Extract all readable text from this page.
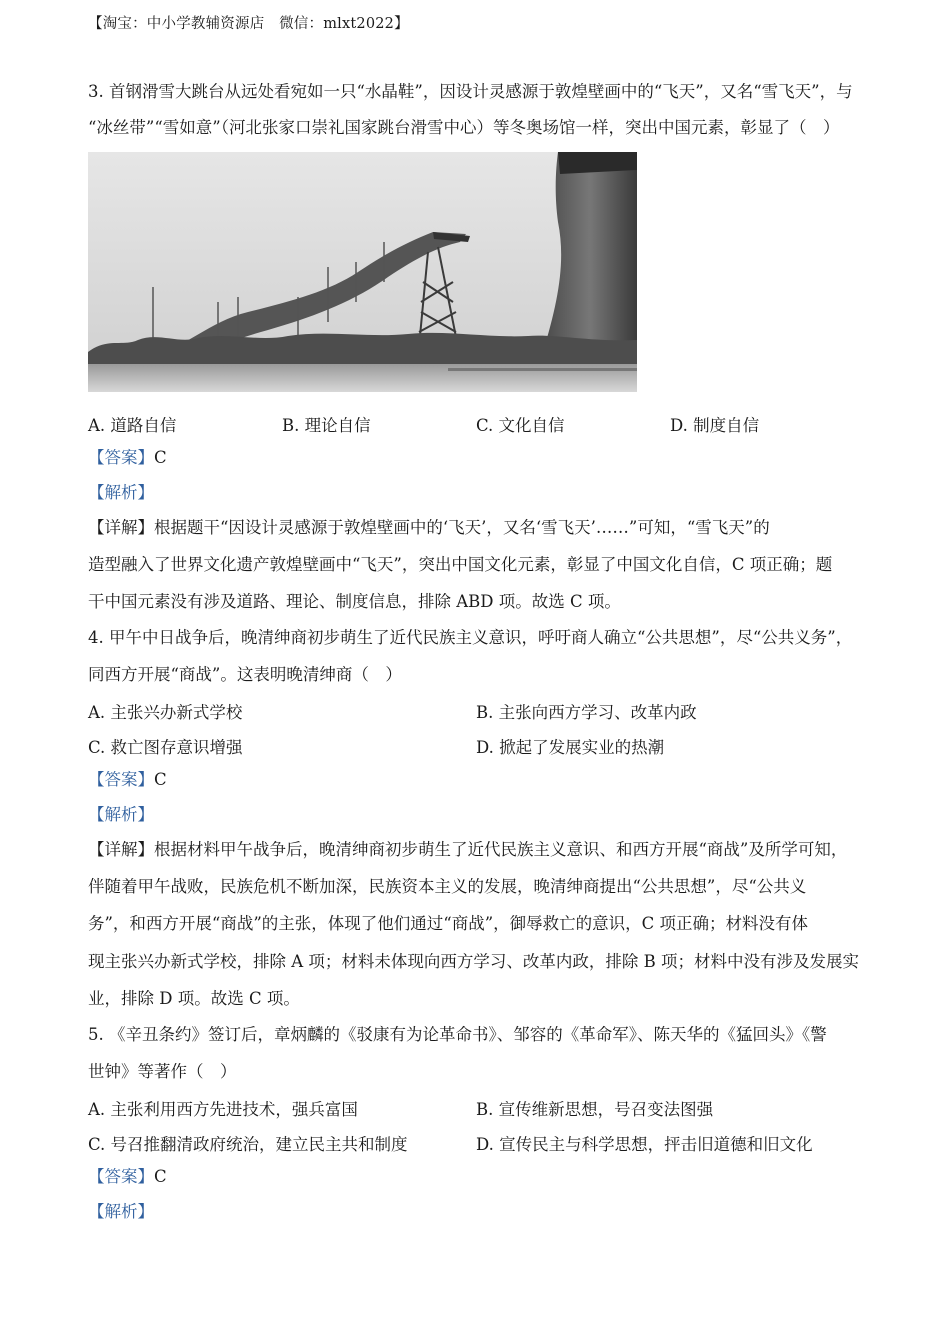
【淘宝：中小学教辅资源店　微信：mlxt2022】
3. 首钢滑雪大跳台从远处看宛如一只“水晶鞋”，因设计灵感源于敦煌壁画中的“飞天”，又名“雪飞天”，与
“冰丝带”“雪如意”（河北张家口崇礼国家跳台滑雪中心）等冬奥场馆一样，突出中国元素，彰显了（　）
A. 道路自信	B. 理论自信	C. 文化自信	D. 制度自信
【答案】C
【解析】
【详解】根据题干“因设计灵感源于敦煌壁画中的‘飞天’，又名‘雪飞天’……”可知，“雪飞天”的
造型融入了世界文化遗产敦煌壁画中“飞天”，突出中国文化元素，彰显了中国文化自信，C 项正确；题
干中国元素没有涉及道路、理论、制度信息，排除 ABD 项。故选 C 项。
4. 甲午中日战争后，晚清绅商初步萌生了近代民族主义意识，呼吁商人确立“公共思想”，尽“公共义务”，
同西方开展“商战”。这表明晚清绅商（　）
A. 主张兴办新式学校	B. 主张向西方学习、改革内政
C. 救亡图存意识增强	D. 掀起了发展实业的热潮
【答案】C
【解析】
【详解】根据材料甲午战争后，晚清绅商初步萌生了近代民族主义意识、和西方开展“商战”及所学可知，
伴随着甲午战败，民族危机不断加深，民族资本主义的发展，晚清绅商提出“公共思想”，尽“公共义
务”，和西方开展“商战”的主张，体现了他们通过“商战”，御辱救亡的意识，C 项正确；材料没有体
现主张兴办新式学校，排除 A 项；材料未体现向西方学习、改革内政，排除 B 项；材料中没有涉及发展实
业，排除 D 项。故选 C 项。
5. 《辛丑条约》签订后，章炳麟的《驳康有为论革命书》、邹容的《革命军》、陈天华的《猛回头》《警
世钟》等著作（　）
A. 主张利用西方先进技术，强兵富国	B. 宣传维新思想，号召变法图强
C. 号召推翻清政府统治，建立民主共和制度	D. 宣传民主与科学思想，抨击旧道德和旧文化
【答案】C
【解析】
